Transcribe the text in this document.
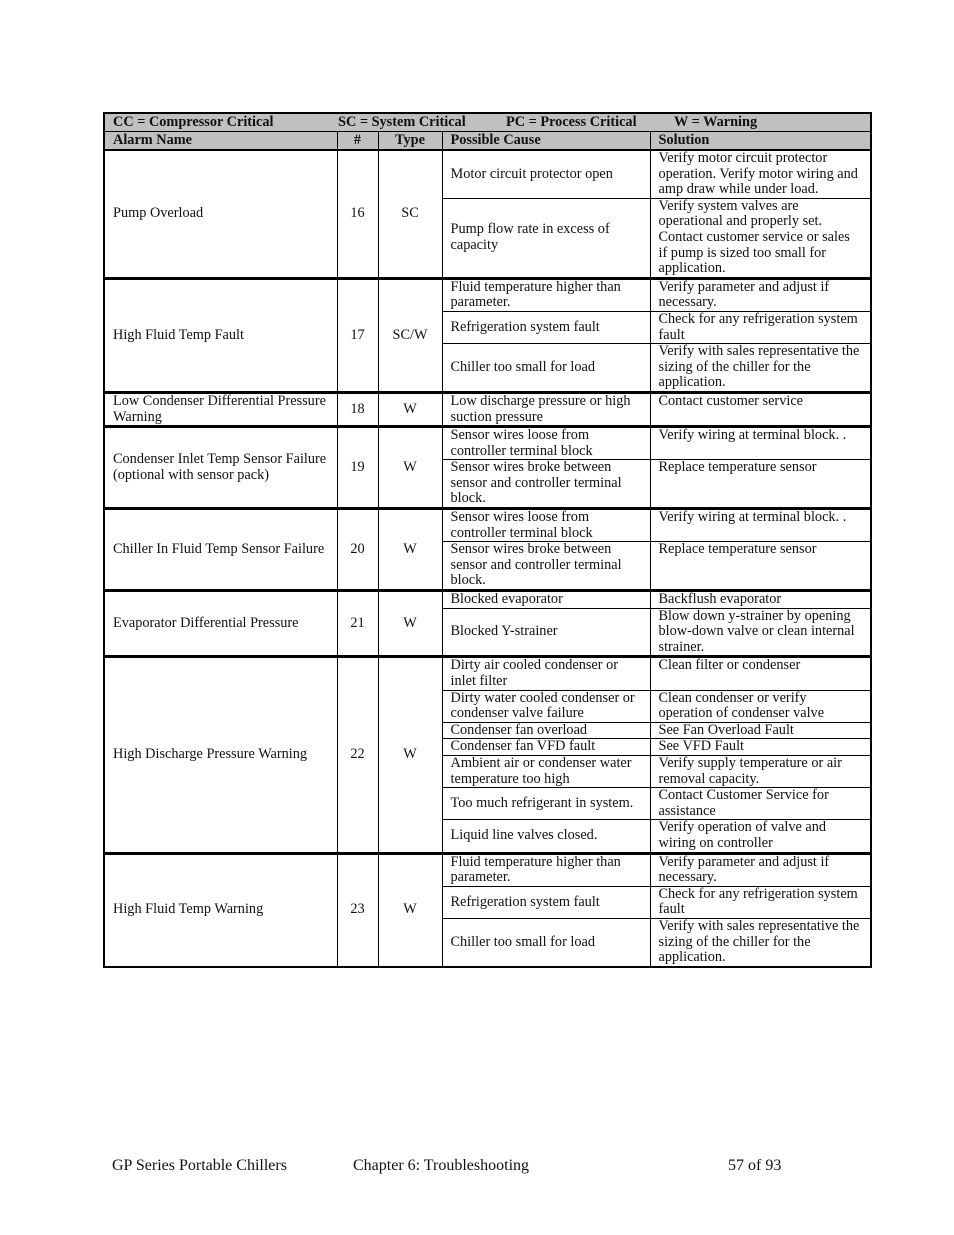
CC = Compressor Critical SC = System Critical PC = Process Critical W = Warning				
Alarm Name	#	Type	Possible Cause	Solution
Pump Overload	16	SC	Motor circuit protector open	Verify motor circuit protector operation. Verify motor wiring and amp draw while under load.
			Pump flow rate in excess of capacity	Verify system valves are operational and properly set. Contact customer service or sales if pump is sized too small for application.
High Fluid Temp Fault	17	SC/W	Fluid temperature higher than parameter.	Verify parameter and adjust if necessary.
			Refrigeration system fault	Check for any refrigeration system fault
			Chiller too small for load	Verify with sales representative the sizing of the chiller for the application.
Low Condenser Differential Pressure Warning	18	W	Low discharge pressure or high suction pressure	Contact customer service
Condenser Inlet Temp Sensor Failure (optional with sensor pack)	19	W	Sensor wires loose from controller terminal block	Verify wiring at terminal block. .
			Sensor wires broke between sensor and controller terminal block.	Replace temperature sensor
Chiller In Fluid Temp Sensor Failure	20	W	Sensor wires loose from controller terminal block	Verify wiring at terminal block. .
			Sensor wires broke between sensor and controller terminal block.	Replace temperature sensor
Evaporator Differential Pressure	21	W	Blocked evaporator	Backflush evaporator
			Blocked Y-strainer	Blow down y-strainer by opening blow-down valve or clean internal strainer.
High Discharge Pressure Warning	22	W	Dirty air cooled condenser or inlet filter	Clean filter or condenser
			Dirty water cooled condenser or condenser valve failure	Clean condenser or verify operation of condenser valve
			Condenser fan overload	See Fan Overload Fault
			Condenser fan VFD fault	See VFD Fault
			Ambient air or condenser water temperature too high	Verify supply temperature or air removal capacity.
			Too much refrigerant in system.	Contact Customer Service for assistance
			Liquid line valves closed.	Verify operation of valve and wiring on controller
High Fluid Temp Warning	23	W	Fluid temperature higher than parameter.	Verify parameter and adjust if necessary.
			Refrigeration system fault	Check for any refrigeration system fault
			Chiller too small for load	Verify with sales representative the sizing of the chiller for the application.
GP Series Portable Chillers	Chapter 6: Troubleshooting	57 of 93
